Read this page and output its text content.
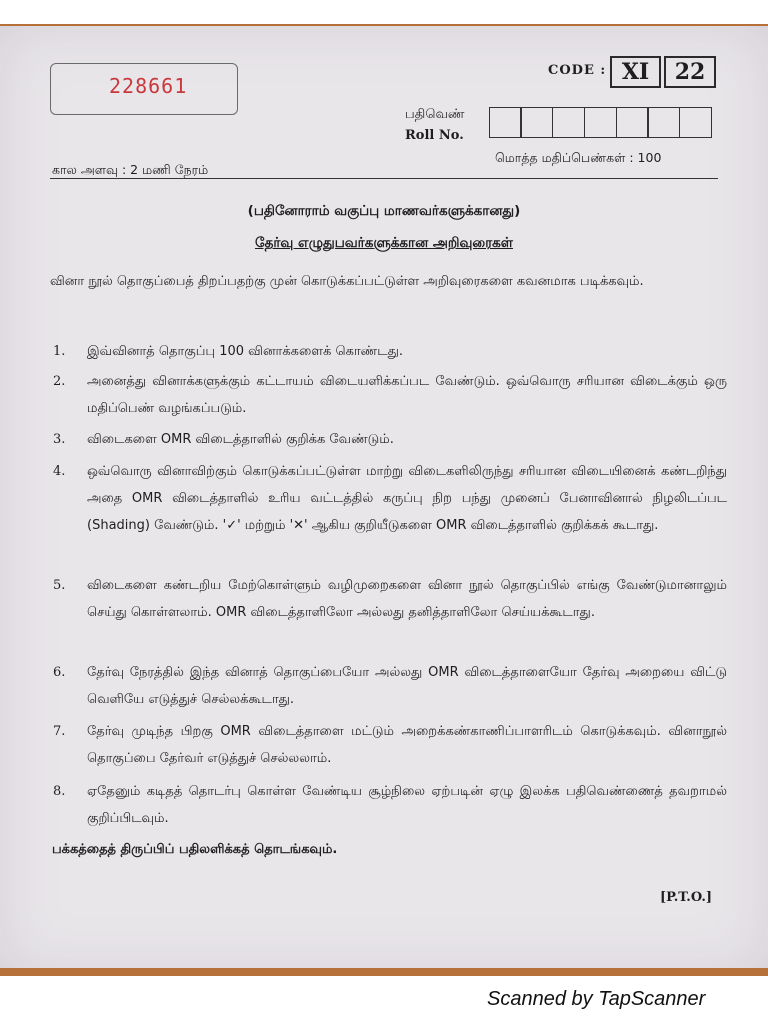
228661
CODE : XI	22
பதிவெண்
Roll No.
கால அளவு : 2 மணி நேரம்
மொத்த மதிப்பெண்கள் : 100
(பதினோராம் வகுப்பு மாணவர்களுக்கானது)
தேர்வு எழுதுபவர்களுக்கான அறிவுரைகள்
வினா நூல் தொகுப்பைத் திறப்பதற்கு முன் கொடுக்கப்பட்டுள்ள அறிவுரைகளை கவனமாக படிக்கவும்.
1. இவ்வினாத் தொகுப்பு 100 வினாக்களைக் கொண்டது.
2. அனைத்து வினாக்களுக்கும் கட்டாயம் விடையளிக்கப்பட வேண்டும். ஒவ்வொரு சரியான விடைக்கும் ஒரு மதிப்பெண் வழங்கப்படும்.
3. விடைகளை OMR விடைத்தாளில் குறிக்க வேண்டும்.
4. ஒவ்வொரு வினாவிற்கும் கொடுக்கப்பட்டுள்ள மாற்று விடைகளிலிருந்து சரியான விடையினைக் கண்டறிந்து அதை OMR விடைத்தாளில் உரிய வட்டத்தில் கருப்பு நிற பந்து முனைப் பேனாவினால் நிழலிடப்பட (Shading) வேண்டும். '✓' மற்றும் '✕' ஆகிய குறியீடுகளை OMR விடைத்தாளில் குறிக்கக் கூடாது.
5. விடைகளை கண்டறிய மேற்கொள்ளும் வழிமுறைகளை வினா நூல் தொகுப்பில் எங்கு வேண்டுமானாலும் செய்து கொள்ளலாம். OMR விடைத்தாளிலோ அல்லது தனித்தாளிலோ செய்யக்கூடாது.
6. தேர்வு நேரத்தில் இந்த வினாத் தொகுப்பையோ அல்லது OMR விடைத்தாளையோ தேர்வு அறையை விட்டு வெளியே எடுத்துச் செல்லக்கூடாது.
7. தேர்வு முடிந்த பிறகு OMR விடைத்தாளை மட்டும் அறைக்கண்காணிப்பாளரிடம் கொடுக்கவும். வினாநூல் தொகுப்பை தேர்வர் எடுத்துச் செல்லலாம்.
8. ஏதேனும் கடிதத் தொடர்பு கொள்ள வேண்டிய சூழ்நிலை ஏற்படின் ஏழு இலக்க பதிவெண்ணைத் தவறாமல் குறிப்பிடவும்.
பக்கத்தைத் திருப்பிப் பதிலளிக்கத் தொடங்கவும்.
[P.T.O.]
Scanned by TapScanner
